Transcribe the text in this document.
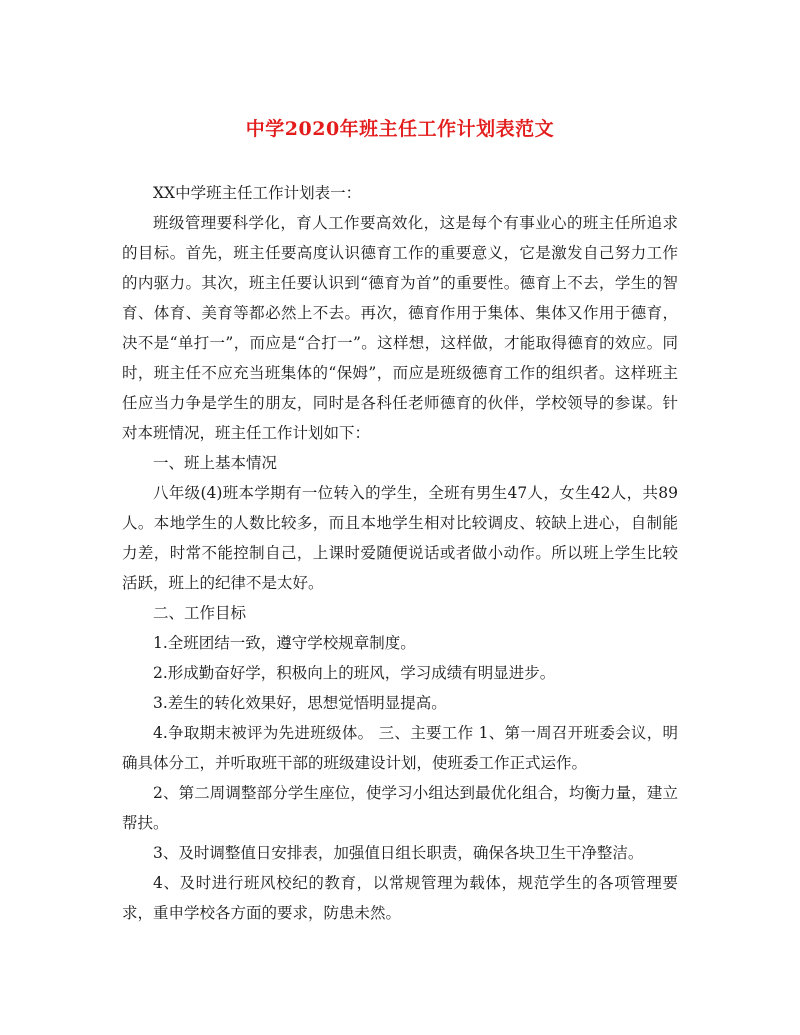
中学2020年班主任工作计划表范文

XX中学班主任工作计划表一：

班级管理要科学化，育人工作要高效化，这是每个有事业心的班主任所追求的目标。首先，班主任要高度认识德育工作的重要意义，它是激发自己努力工作的内驱力。其次，班主任要认识到“德育为首”的重要性。德育上不去，学生的智育、体育、美育等都必然上不去。再次，德育作用于集体、集体又作用于德育，决不是“单打一”，而应是“合打一”。这样想，这样做，才能取得德育的效应。同时，班主任不应充当班集体的“保姆”，而应是班级德育工作的组织者。这样班主任应当力争是学生的朋友，同时是各科任老师德育的伙伴，学校领导的参谋。针对本班情况，班主任工作计划如下：

一、班上基本情况

八年级(4)班本学期有一位转入的学生，全班有男生47人，女生42人，共89人。本地学生的人数比较多，而且本地学生相对比较调皮、较缺上进心，自制能力差，时常不能控制自己，上课时爱随便说话或者做小动作。所以班上学生比较活跃，班上的纪律不是太好。

二、工作目标

1.全班团结一致，遵守学校规章制度。

2.形成勤奋好学，积极向上的班风，学习成绩有明显进步。

3.差生的转化效果好，思想觉悟明显提高。

4.争取期末被评为先进班级体。 三、主要工作 1、第一周召开班委会议，明确具体分工，并听取班干部的班级建设计划，使班委工作正式运作。

2、第二周调整部分学生座位，使学习小组达到最优化组合，均衡力量，建立帮扶。

3、及时调整值日安排表，加强值日组长职责，确保各块卫生干净整洁。

4、及时进行班风校纪的教育，以常规管理为载体，规范学生的各项管理要求，重申学校各方面的要求，防患未然。
